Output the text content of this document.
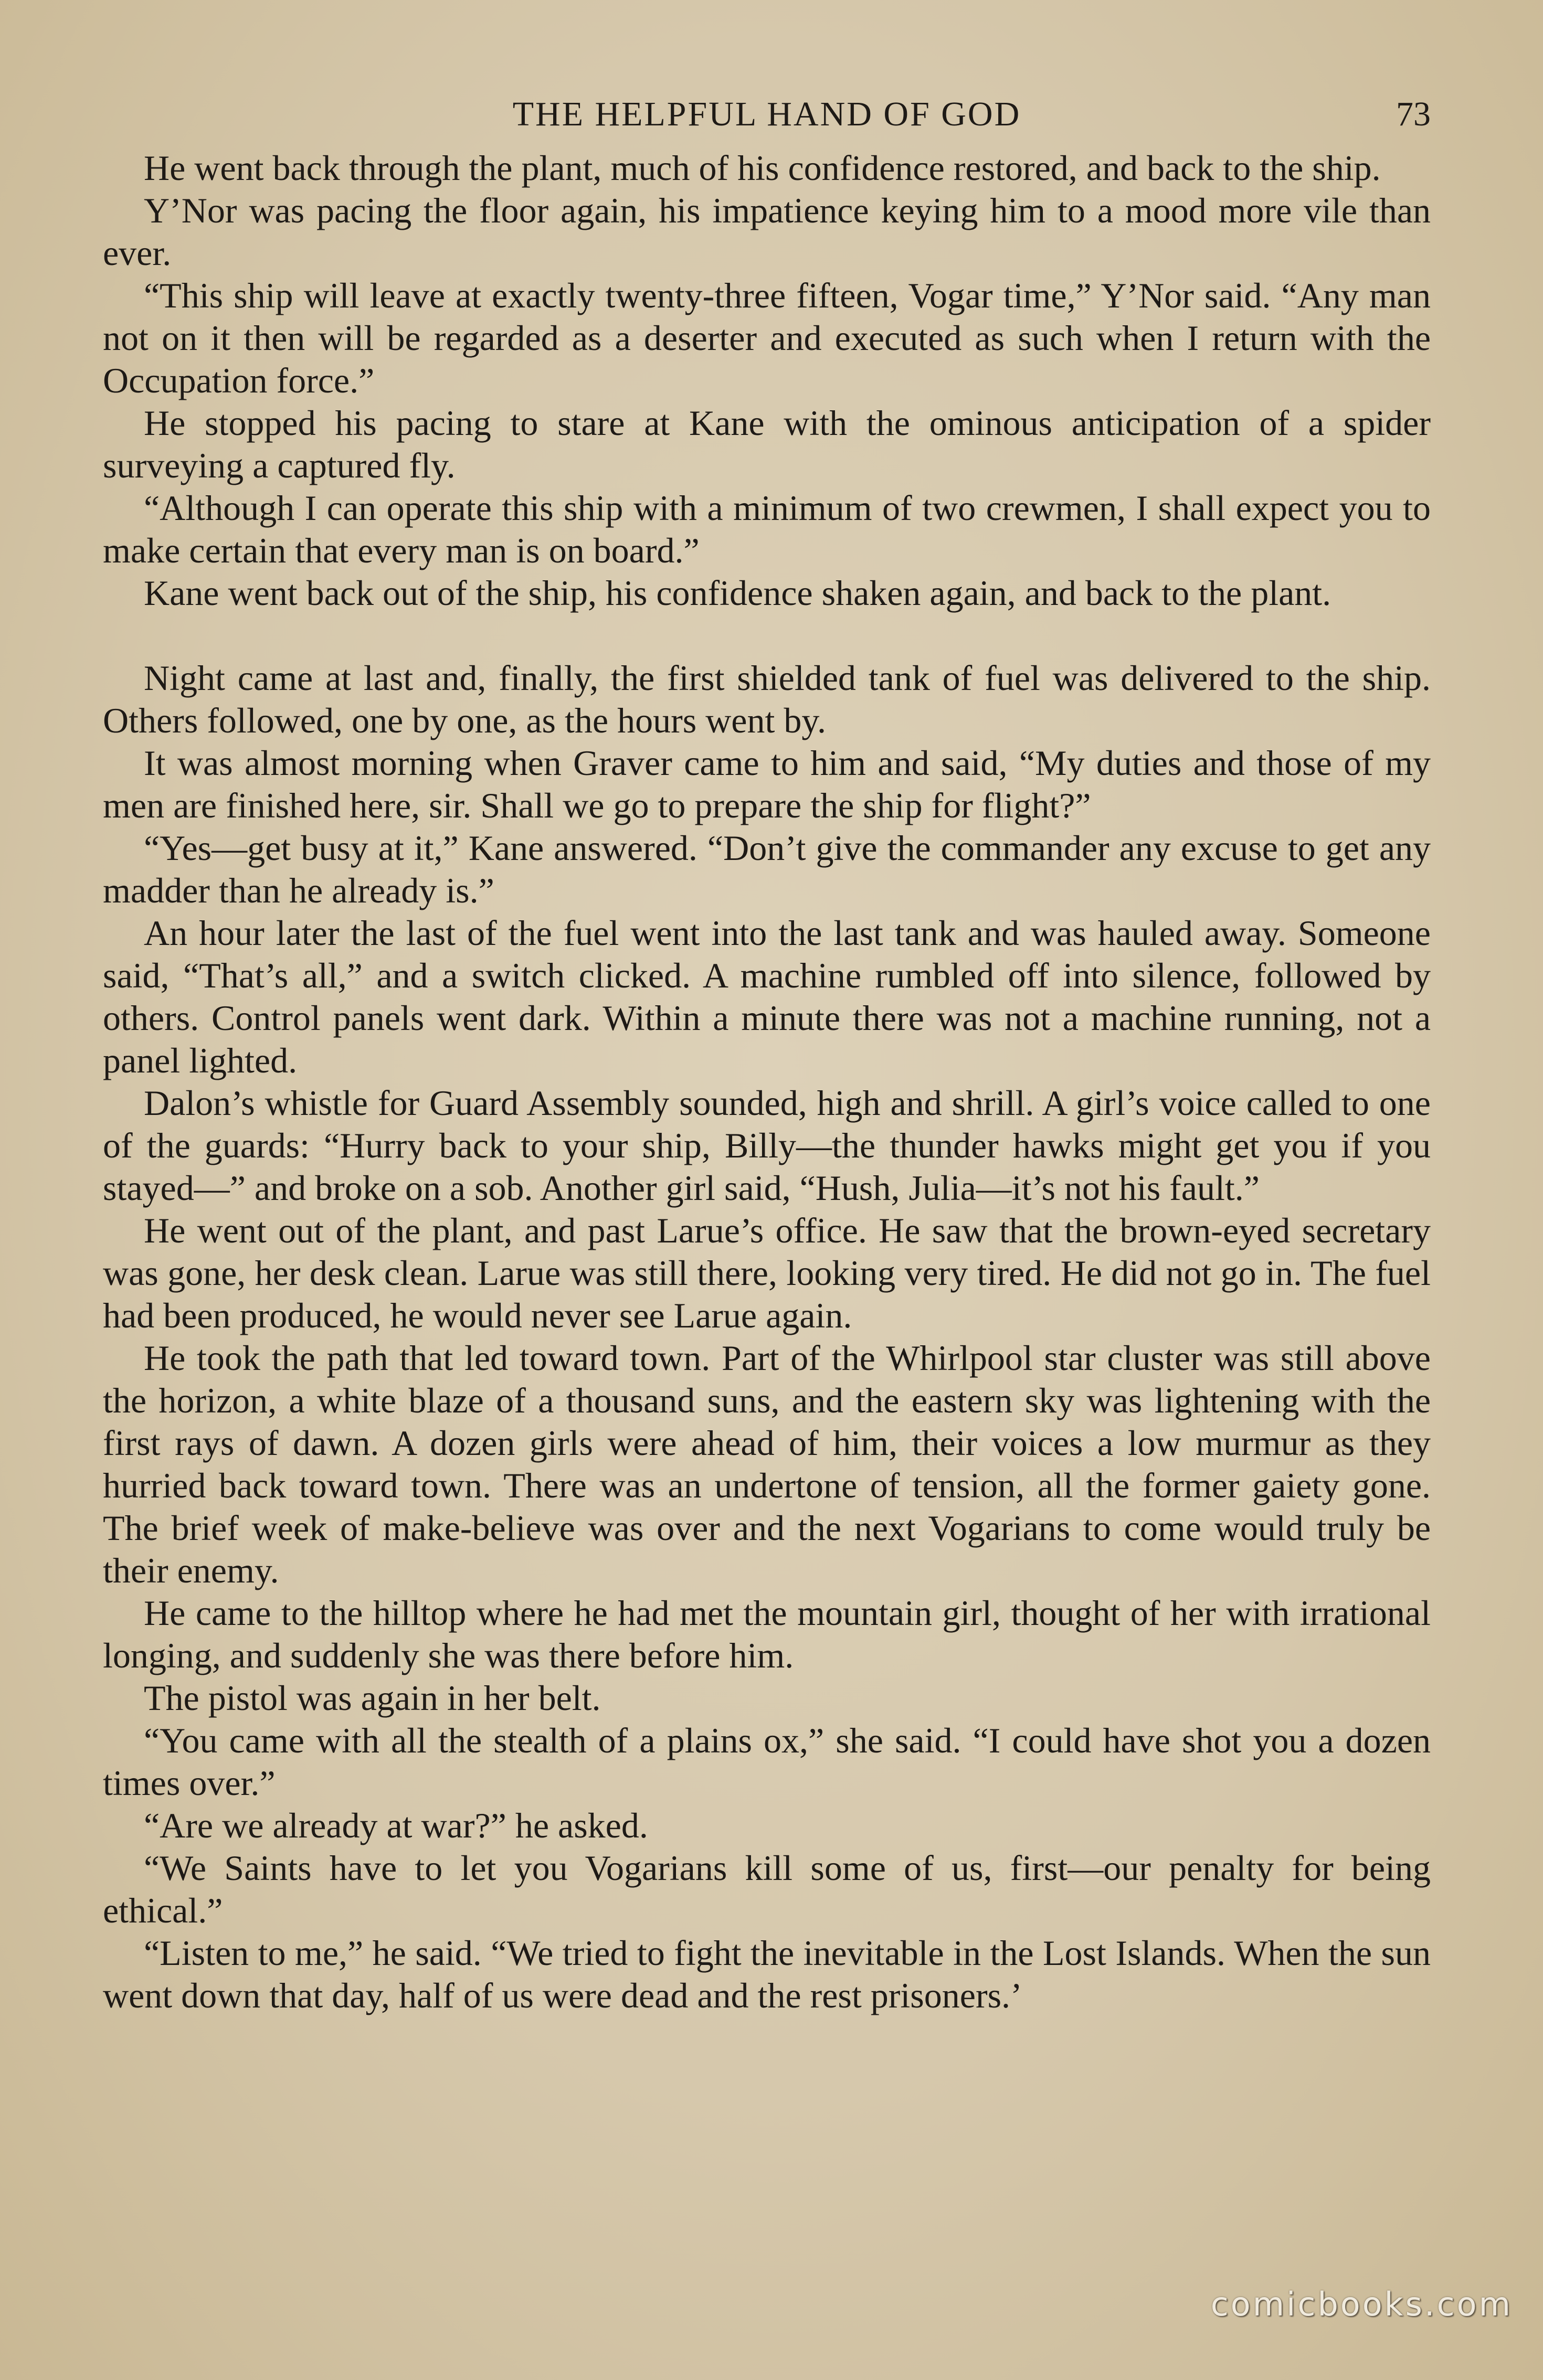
THE HELPFUL HAND OF GOD	73

He went back through the plant, much of his confidence restored, and back to the ship.

Y’Nor was pacing the floor again, his impatience keying him to a mood more vile than ever.

“This ship will leave at exactly twenty-three fifteen, Vogar time,” Y’Nor said. “Any man not on it then will be regarded as a deserter and executed as such when I return with the Occupation force.”

He stopped his pacing to stare at Kane with the ominous anticipation of a spider surveying a captured fly.

“Although I can operate this ship with a minimum of two crewmen, I shall expect you to make certain that every man is on board.”

Kane went back out of the ship, his confidence shaken again, and back to the plant.

Night came at last and, finally, the first shielded tank of fuel was delivered to the ship. Others followed, one by one, as the hours went by.

It was almost morning when Graver came to him and said, “My duties and those of my men are finished here, sir. Shall we go to prepare the ship for flight?”

“Yes—get busy at it,” Kane answered. “Don’t give the commander any excuse to get any madder than he already is.”

An hour later the last of the fuel went into the last tank and was hauled away. Someone said, “That’s all,” and a switch clicked. A machine rumbled off into silence, followed by others. Control panels went dark. Within a minute there was not a machine running, not a panel lighted.

Dalon’s whistle for Guard Assembly sounded, high and shrill. A girl’s voice called to one of the guards: “Hurry back to your ship, Billy—the thunder hawks might get you if you stayed—” and broke on a sob. Another girl said, “Hush, Julia—it’s not his fault.”

He went out of the plant, and past Larue’s office. He saw that the brown-eyed secretary was gone, her desk clean. Larue was still there, looking very tired. He did not go in. The fuel had been produced, he would never see Larue again.

He took the path that led toward town. Part of the Whirlpool star cluster was still above the horizon, a white blaze of a thousand suns, and the eastern sky was lightening with the first rays of dawn. A dozen girls were ahead of him, their voices a low murmur as they hurried back toward town. There was an undertone of tension, all the former gaiety gone. The brief week of make-believe was over and the next Vogarians to come would truly be their enemy.

He came to the hilltop where he had met the mountain girl, thought of her with irrational longing, and suddenly she was there before him.

The pistol was again in her belt.

“You came with all the stealth of a plains ox,” she said. “I could have shot you a dozen times over.”

“Are we already at war?” he asked.

“We Saints have to let you Vogarians kill some of us, first—our penalty for being ethical.”

“Listen to me,” he said. “We tried to fight the inevitable in the Lost Islands. When the sun went down that day, half of us were dead and the rest prisoners.’

comicbooks.com
